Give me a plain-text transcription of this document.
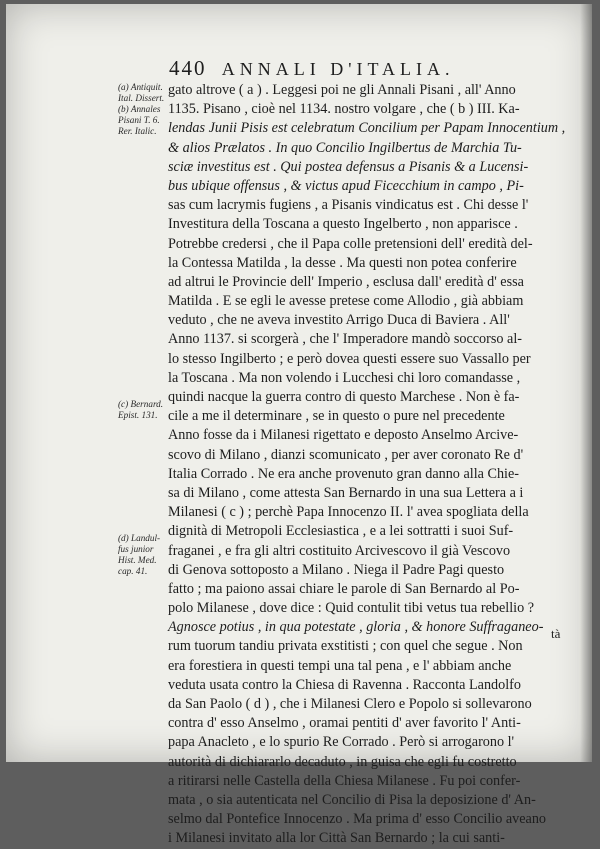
440 ANNALI D'ITALIA.
(a) Antiquit.
Ital. Dissert.
(b) Annales
Pisani T. 6.
Rer. Italic.
(c) Bernard.
Epist. 131.
(d) Landul-
fus junior
Hist. Med.
cap. 41.
gato altrove ( a ) . Leggesi poi ne gli Annali Pisani , all' Anno
1135. Pisano , cioè nel 1134. nostro volgare , che ( b ) III. Ka-
lendas Junii Pisis est celebratum Concilium per Papam Innocentium ,
& alios Prælatos . In quo Concilio Ingilbertus de Marchia Tu-
sciæ investitus est . Qui postea defensus a Pisanis & a Lucensi-
bus ubique offensus , & victus apud Ficecchium in campo , Pi-
sas cum lacrymis fugiens , a Pisanis vindicatus est . Chi desse l'
Investitura della Toscana a questo Ingelberto , non apparisce .
Potrebbe credersi , che il Papa colle pretensioni dell' eredità del-
la Contessa Matilda , la desse . Ma questi non potea conferire
ad altrui le Provincie dell' Imperio , esclusa dall' eredità d' essa
Matilda . E se egli le avesse pretese come Allodio , già abbiam
veduto , che ne aveva investito Arrigo Duca di Baviera . All'
Anno 1137. si scorgerà , che l' Imperadore mandò soccorso al-
lo stesso Ingilberto ; e però dovea questi essere suo Vassallo per
la Toscana . Ma non volendo i Lucchesi chi loro comandasse ,
quindi nacque la guerra contro di questo Marchese . Non è fa-
cile a me il determinare , se in questo o pure nel precedente
Anno fosse da i Milanesi rigettato e deposto Anselmo Arcive-
scovo di Milano , dianzi scomunicato , per aver coronato Re d'
Italia Corrado . Ne era anche provenuto gran danno alla Chie-
sa di Milano , come attesta San Bernardo in una sua Lettera a i
Milanesi ( c ) ; perchè Papa Innocenzo II. l' avea spogliata della
dignità di Metropoli Ecclesiastica , e a lei sottratti i suoi Suf-
fraganei , e fra gli altri costituito Arcivescovo il già Vescovo
di Genova sottoposto a Milano . Niega il Padre Pagi questo
fatto ; ma paiono assai chiare le parole di San Bernardo al Po-
polo Milanese , dove dice : Quid contulit tibi vetus tua rebellio ?
Agnosce potius , in qua potestate , gloria , & honore Suffraganeo-
rum tuorum tandiu privata exstitisti ; con quel che segue . Non
era forestiera in questi tempi una tal pena , e l' abbiam anche
veduta usata contro la Chiesa di Ravenna . Racconta Landolfo
da San Paolo ( d ) , che i Milanesi Clero e Popolo si sollevarono
contra d' esso Anselmo , oramai pentiti d' aver favorito l' Anti-
papa Anacleto , e lo spurio Re Corrado . Però si arrogarono l'
autorità di dichiararlo decaduto , in guisa che egli fu costretto
a ritirarsi nelle Castella della Chiesa Milanese . Fu poi confer-
mata , o sia autenticata nel Concilio di Pisa la deposizione d' An-
selmo dal Pontefice Innocenzo . Ma prima d' esso Concilio aveano
i Milanesi invitato alla lor Città San Bernardo ; la cui santi-
tà
